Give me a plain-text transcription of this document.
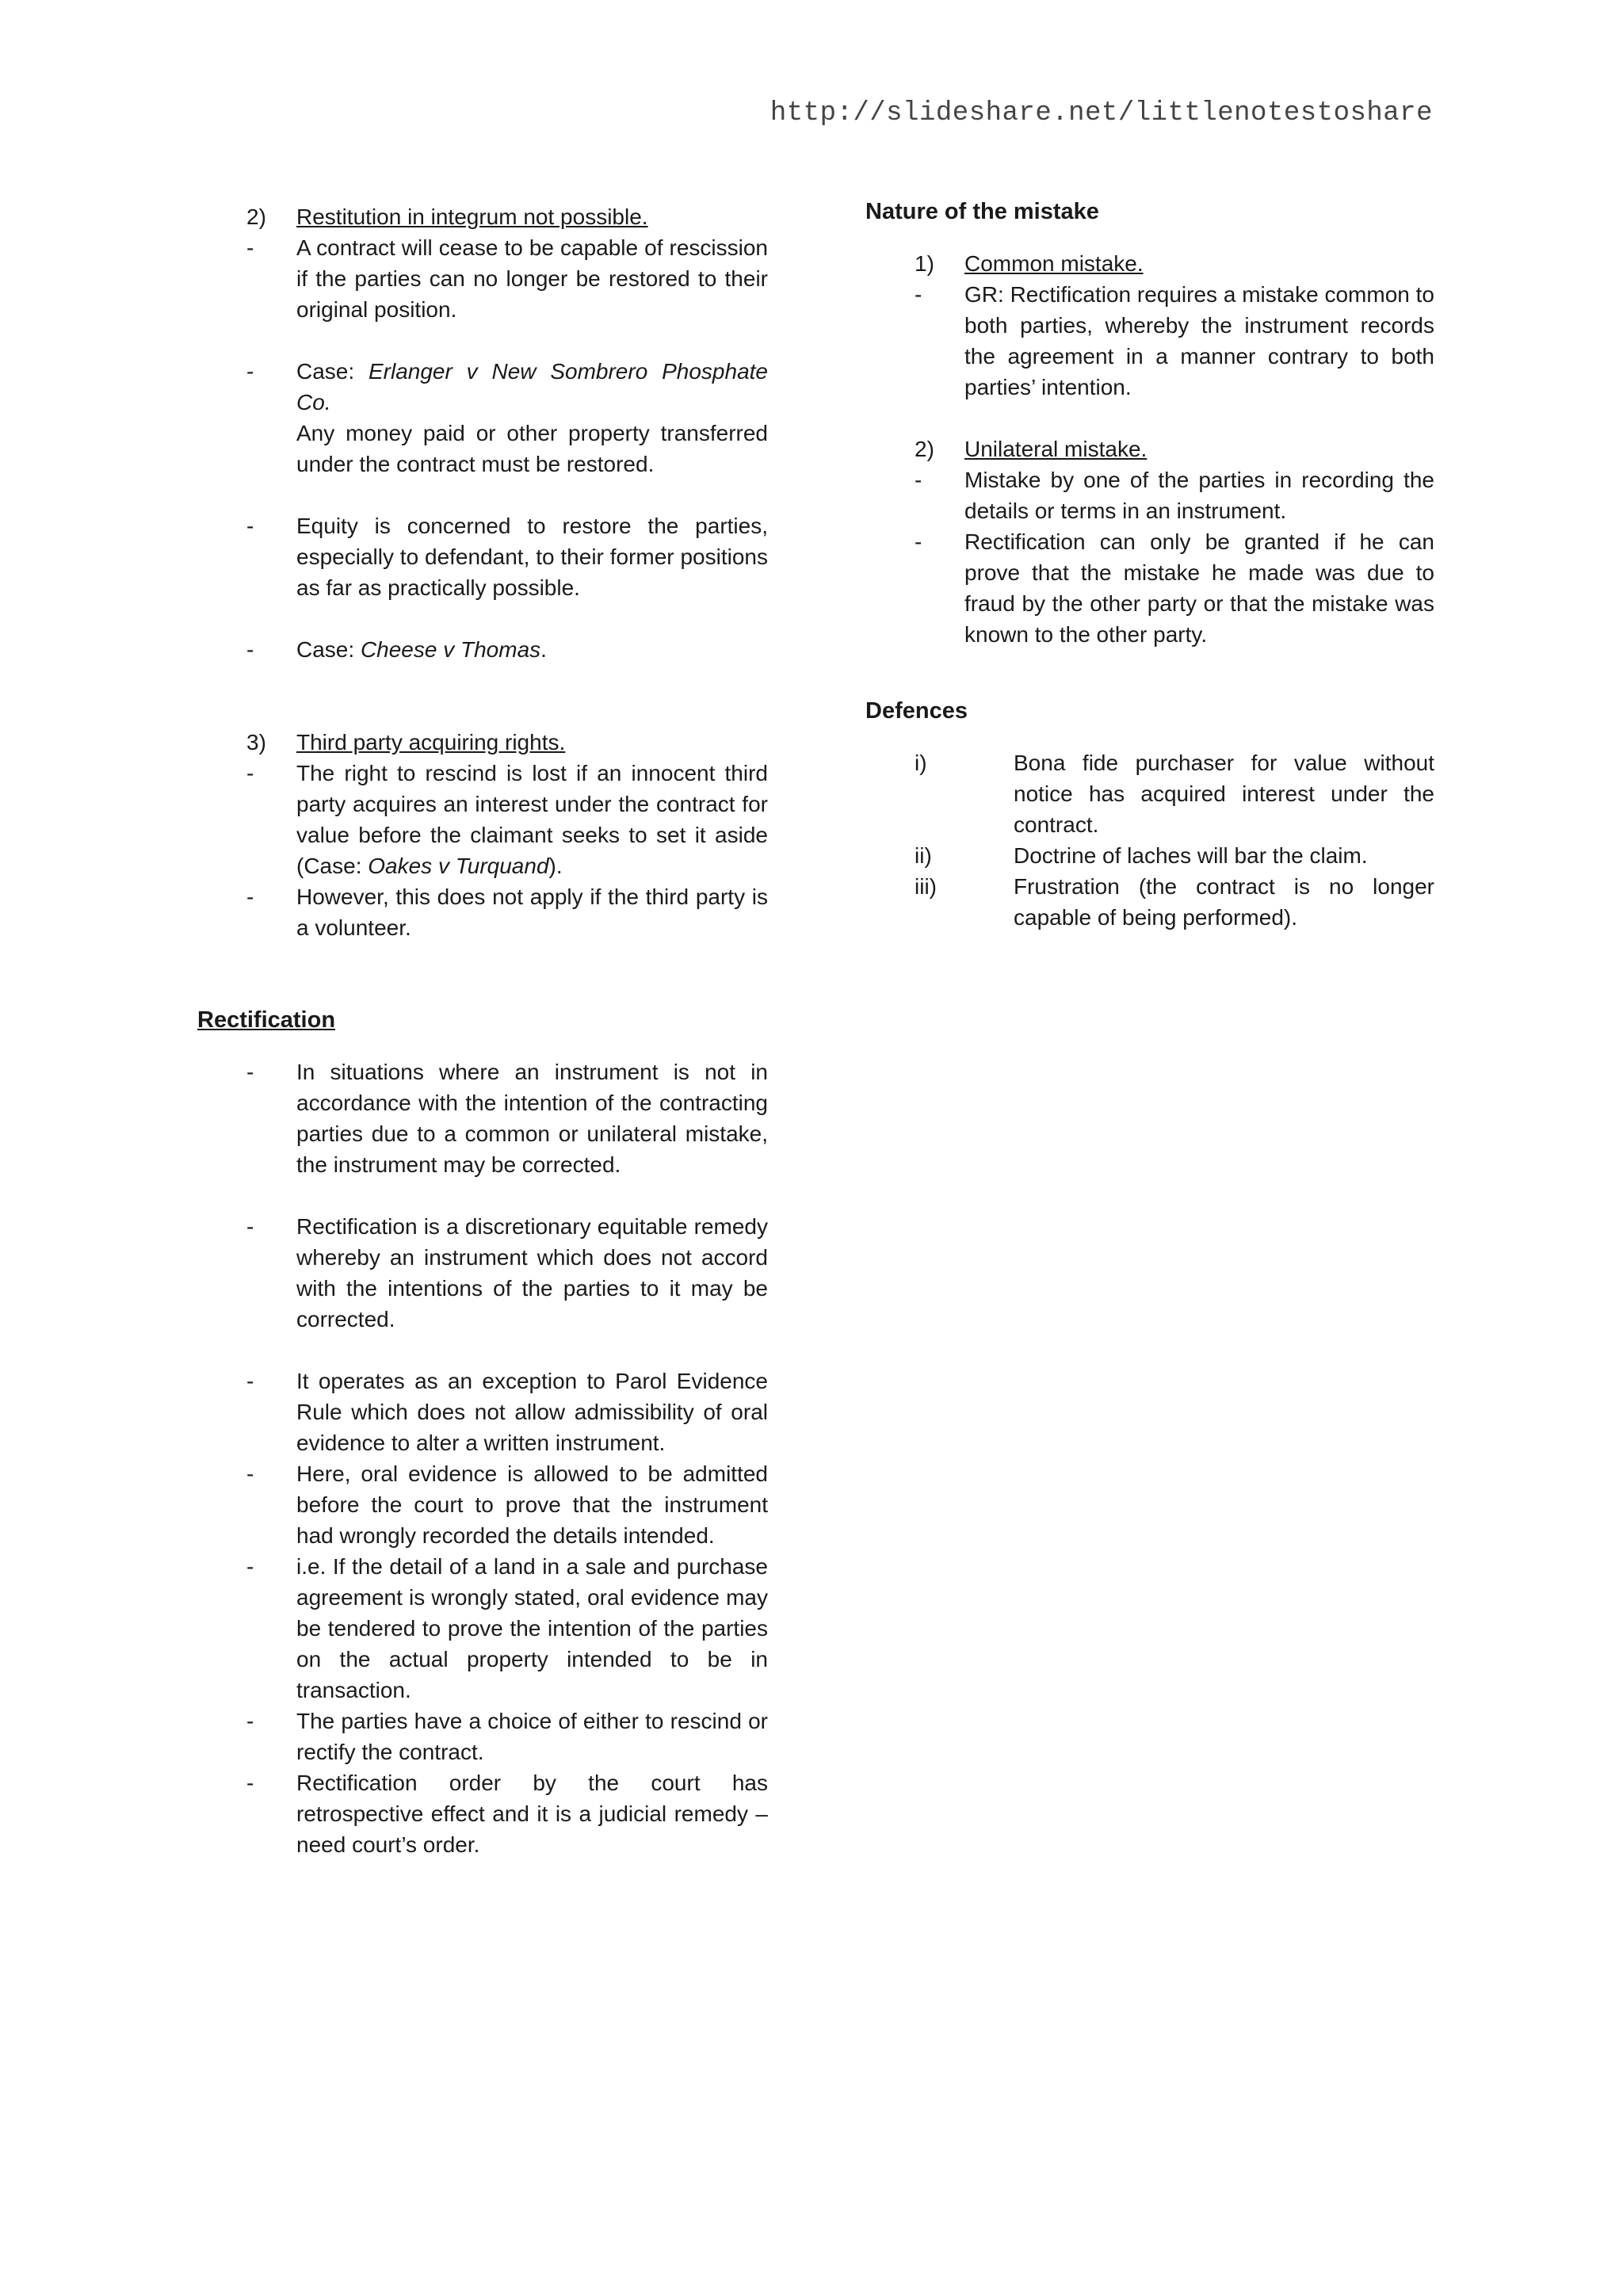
http://slideshare.net/littlenotestoshare
2)	Restitution in integrum not possible.
-	A contract will cease to be capable of rescission if the parties can no longer be restored to their original position.
-	Case: Erlanger v New Sombrero Phosphate Co.
Any money paid or other property transferred under the contract must be restored.
-	Equity is concerned to restore the parties, especially to defendant, to their former positions as far as practically possible.
-	Case: Cheese v Thomas.
3)	Third party acquiring rights.
-	The right to rescind is lost if an innocent third party acquires an interest under the contract for value before the claimant seeks to set it aside (Case: Oakes v Turquand).
-	However, this does not apply if the third party is a volunteer.
Rectification
-	In situations where an instrument is not in accordance with the intention of the contracting parties due to a common or unilateral mistake, the instrument may be corrected.
-	Rectification is a discretionary equitable remedy whereby an instrument which does not accord with the intentions of the parties to it may be corrected.
-	It operates as an exception to Parol Evidence Rule which does not allow admissibility of oral evidence to alter a written instrument.
-	Here, oral evidence is allowed to be admitted before the court to prove that the instrument had wrongly recorded the details intended.
-	i.e. If the detail of a land in a sale and purchase agreement is wrongly stated, oral evidence may be tendered to prove the intention of the parties on the actual property intended to be in transaction.
-	The parties have a choice of either to rescind or rectify the contract.
-	Rectification order by the court has retrospective effect and it is a judicial remedy – need court’s order.
Nature of the mistake
1)	Common mistake.
-	GR: Rectification requires a mistake common to both parties, whereby the instrument records the agreement in a manner contrary to both parties’ intention.
2)	Unilateral mistake.
-	Mistake by one of the parties in recording the details or terms in an instrument.
-	Rectification can only be granted if he can prove that the mistake he made was due to fraud by the other party or that the mistake was known to the other party.
Defences
i)	Bona fide purchaser for value without notice has acquired interest under the contract.
ii)	Doctrine of laches will bar the claim.
iii)	Frustration (the contract is no longer capable of being performed).
